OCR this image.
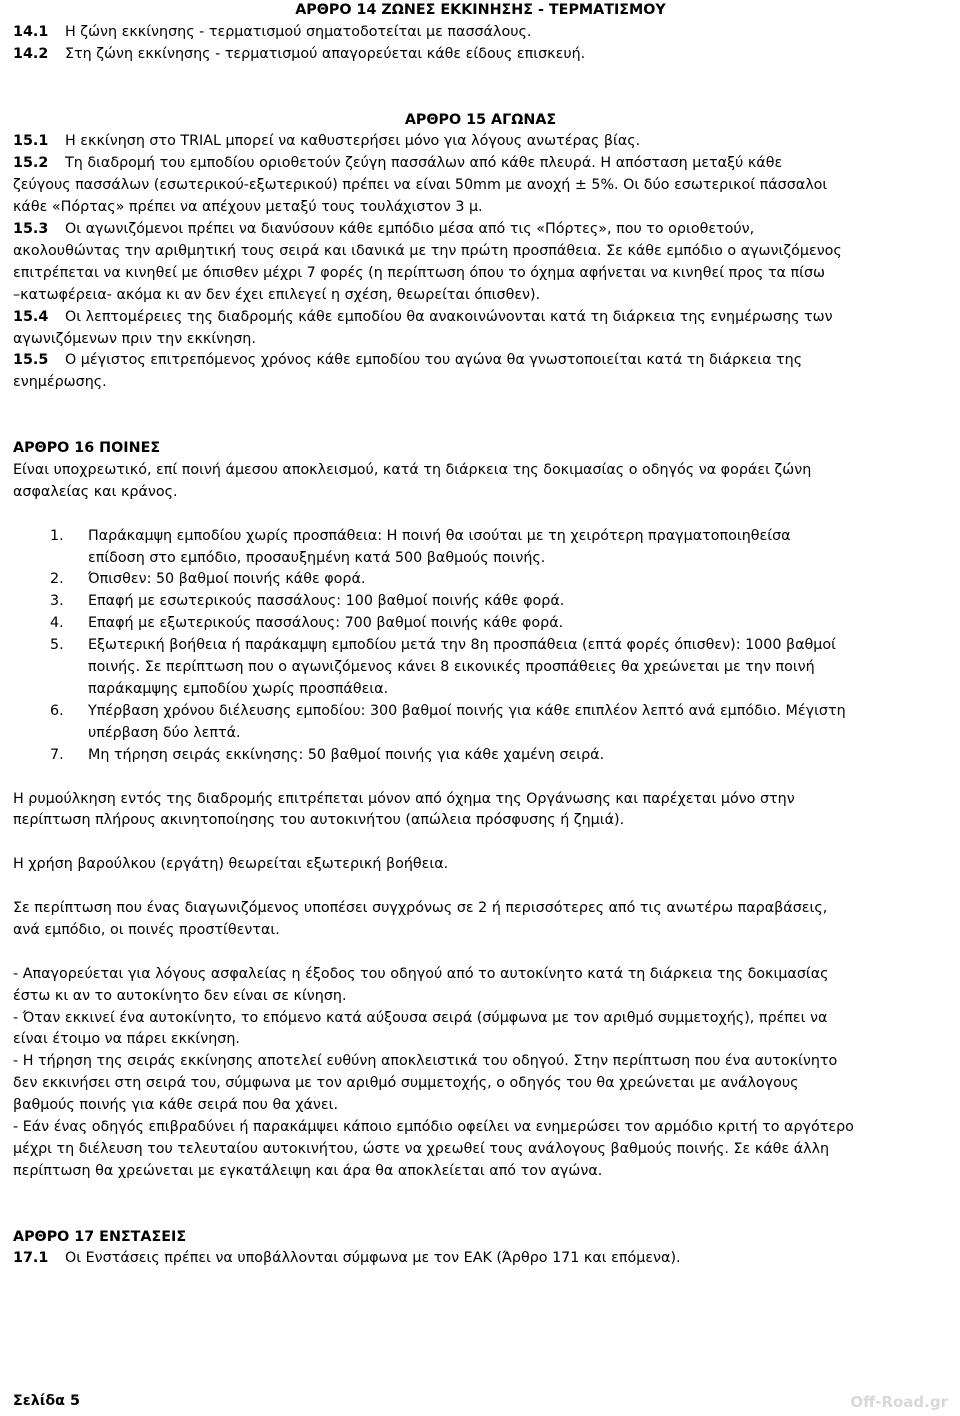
ΑΡΘΡΟ 14 ΖΩΝΕΣ ΕΚΚΙΝΗΣΗΣ - ΤΕΡΜΑΤΙΣΜΟΥ
14.1 Η ζώνη εκκίνησης - τερματισμού σηματοδοτείται με πασσάλους.
14.2 Στη ζώνη εκκίνησης - τερματισμού απαγορεύεται κάθε είδους επισκευή.
ΑΡΘΡΟ 15 ΑΓΩΝΑΣ
15.1 Η εκκίνηση στο TRIAL μπορεί να καθυστερήσει μόνο για λόγους ανωτέρας βίας.
15.2 Τη διαδρομή του εμποδίου οριοθετούν ζεύγη πασσάλων από κάθε πλευρά. Η απόσταση μεταξύ κάθε
ζεύγους πασσάλων (εσωτερικού-εξωτερικού) πρέπει να είναι 50mm με ανοχή ± 5%. Οι δύο εσωτερικοί πάσσαλοι
κάθε «Πόρτας» πρέπει να απέχουν μεταξύ τους τουλάχιστον 3 μ.
15.3 Οι αγωνιζόμενοι πρέπει να διανύσουν κάθε εμπόδιο μέσα από τις «Πόρτες», που το οριοθετούν,
ακολουθώντας την αριθμητική τους σειρά και ιδανικά με την πρώτη προσπάθεια. Σε κάθε εμπόδιο ο αγωνιζόμενος
επιτρέπεται να κινηθεί με όπισθεν μέχρι 7 φορές (η περίπτωση όπου το όχημα αφήνεται να κινηθεί προς τα πίσω
–κατωφέρεια- ακόμα κι αν δεν έχει επιλεγεί η σχέση, θεωρείται όπισθεν).
15.4 Οι λεπτομέρειες της διαδρομής κάθε εμποδίου θα ανακοινώνονται κατά τη διάρκεια της ενημέρωσης των
αγωνιζόμενων πριν την εκκίνηση.
15.5 Ο μέγιστος επιτρεπόμενος χρόνος κάθε εμποδίου του αγώνα θα γνωστοποιείται κατά τη διάρκεια της
ενημέρωσης.
ΑΡΘΡΟ 16 ΠΟΙΝΕΣ
Είναι υποχρεωτικό, επί ποινή άμεσου αποκλεισμού, κατά τη διάρκεια της δοκιμασίας ο οδηγός να φοράει ζώνη
ασφαλείας και κράνος.
1. Παράκαμψη εμποδίου χωρίς προσπάθεια: Η ποινή θα ισούται με τη χειρότερη πραγματοποιηθείσα
επίδοση στο εμπόδιο, προσαυξημένη κατά 500 βαθμούς ποινής.
2. Όπισθεν: 50 βαθμοί ποινής κάθε φορά.
3. Επαφή με εσωτερικούς πασσάλους: 100 βαθμοί ποινής κάθε φορά.
4. Επαφή με εξωτερικούς πασσάλους: 700 βαθμοί ποινής κάθε φορά.
5. Εξωτερική βοήθεια ή παράκαμψη εμποδίου μετά την 8η προσπάθεια (επτά φορές όπισθεν): 1000 βαθμοί
ποινής. Σε περίπτωση που ο αγωνιζόμενος κάνει 8 εικονικές προσπάθειες θα χρεώνεται με την ποινή
παράκαμψης εμποδίου χωρίς προσπάθεια.
6. Υπέρβαση χρόνου διέλευσης εμποδίου: 300 βαθμοί ποινής για κάθε επιπλέον λεπτό ανά εμπόδιο. Μέγιστη
υπέρβαση δύο λεπτά.
7. Μη τήρηση σειράς εκκίνησης: 50 βαθμοί ποινής για κάθε χαμένη σειρά.
Η ρυμούλκηση εντός της διαδρομής επιτρέπεται μόνον από όχημα της Οργάνωσης και παρέχεται μόνο στην
περίπτωση πλήρους ακινητοποίησης του αυτοκινήτου (απώλεια πρόσφυσης ή ζημιά).
Η χρήση βαρούλκου (εργάτη) θεωρείται εξωτερική βοήθεια.
Σε περίπτωση που ένας διαγωνιζόμενος υποπέσει συγχρόνως σε 2 ή περισσότερες από τις ανωτέρω παραβάσεις,
ανά εμπόδιο, οι ποινές προστίθενται.
- Απαγορεύεται για λόγους ασφαλείας η έξοδος του οδηγού από το αυτοκίνητο κατά τη διάρκεια της δοκιμασίας
έστω κι αν το αυτοκίνητο δεν είναι σε κίνηση.
- Όταν εκκινεί ένα αυτοκίνητο, το επόμενο κατά αύξουσα σειρά (σύμφωνα με τον αριθμό συμμετοχής), πρέπει να
είναι έτοιμο να πάρει εκκίνηση.
- Η τήρηση της σειράς εκκίνησης αποτελεί ευθύνη αποκλειστικά του οδηγού. Στην περίπτωση που ένα αυτοκίνητο
δεν εκκινήσει στη σειρά του, σύμφωνα με τον αριθμό συμμετοχής, ο οδηγός του θα χρεώνεται με ανάλογους
βαθμούς ποινής για κάθε σειρά που θα χάνει.
- Εάν ένας οδηγός επιβραδύνει ή παρακάμψει κάποιο εμπόδιο οφείλει να ενημερώσει τον αρμόδιο κριτή το αργότερο
μέχρι τη διέλευση του τελευταίου αυτοκινήτου, ώστε να χρεωθεί τους ανάλογους βαθμούς ποινής. Σε κάθε άλλη
περίπτωση θα χρεώνεται με εγκατάλειψη και άρα θα αποκλείεται από τον αγώνα.
ΑΡΘΡΟ 17 ΕΝΣΤΑΣΕΙΣ
17.1 Οι Ενστάσεις πρέπει να υποβάλλονται σύμφωνα με τον ΕΑΚ (Άρθρο 171 και επόμενα).
Σελίδα 5	Off-Road.gr
